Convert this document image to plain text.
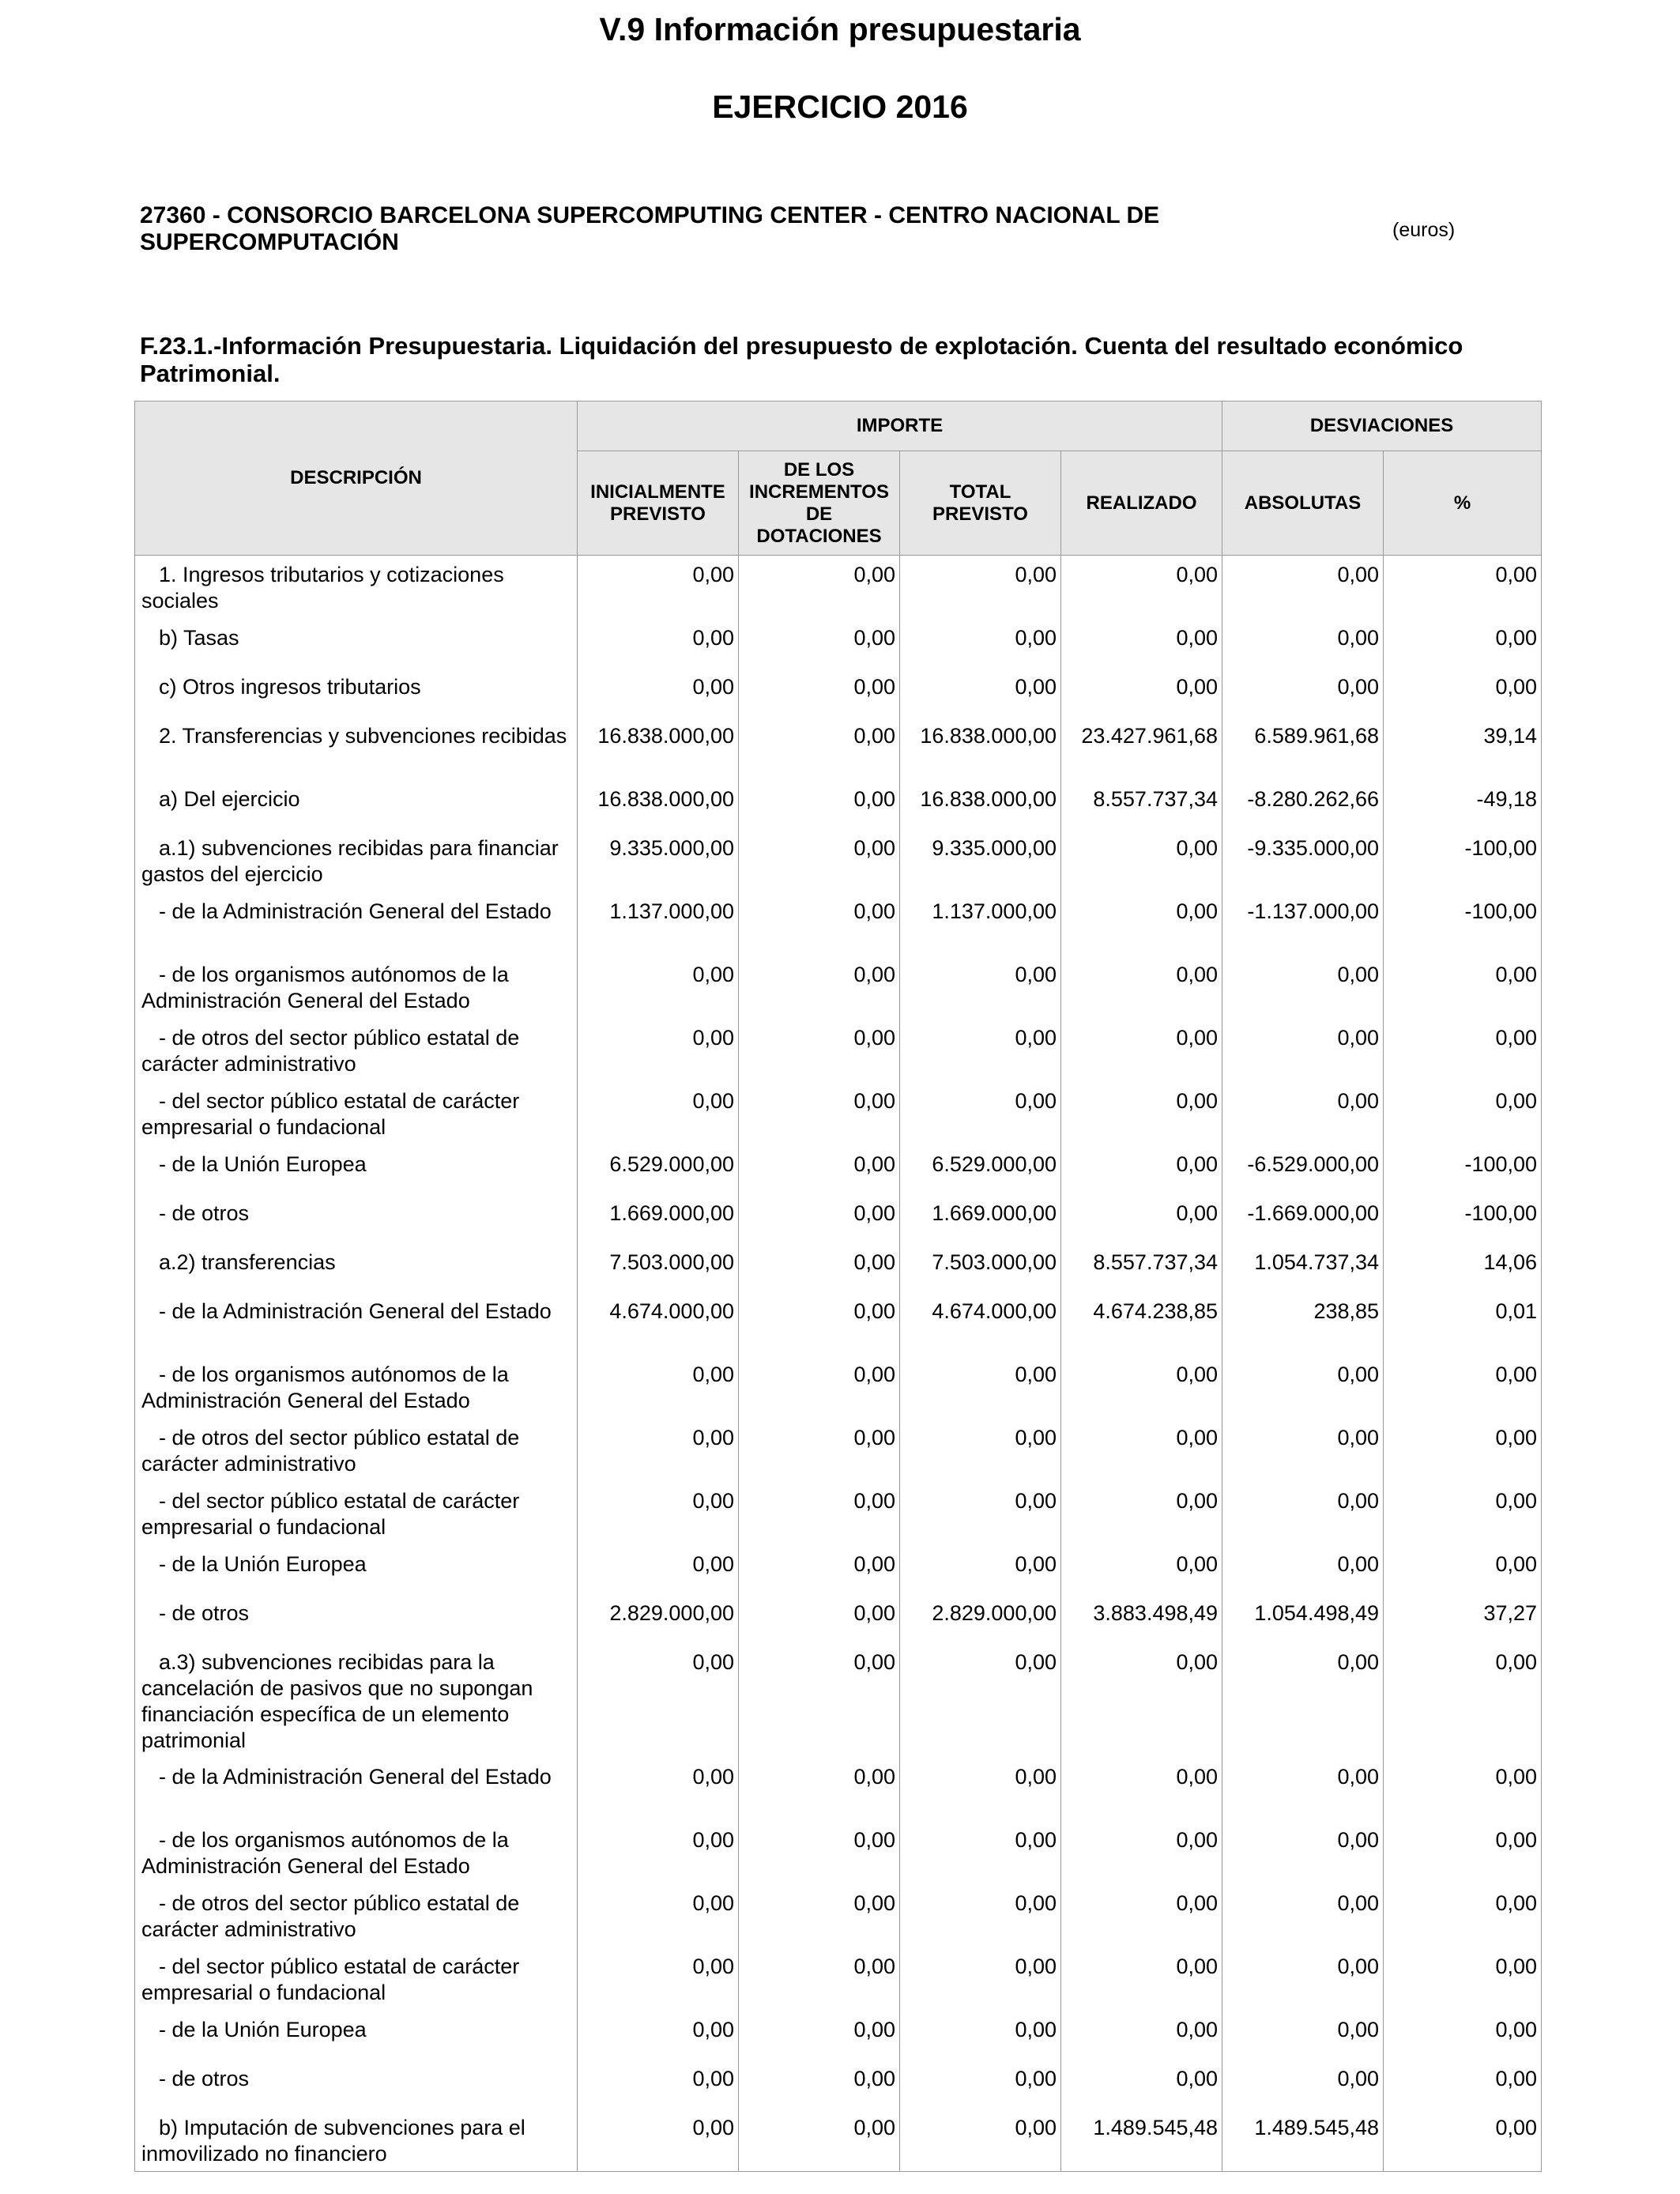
V.9 Información presupuestaria
EJERCICIO 2016
27360 - CONSORCIO BARCELONA SUPERCOMPUTING CENTER - CENTRO NACIONAL DE SUPERCOMPUTACIÓN	(euros)
F.23.1.-Información Presupuestaria. Liquidación del presupuesto de explotación. Cuenta del resultado económico Patrimonial.
DESCRIPCIÓN	IMPORTE				DESVIACIONES	
	INICIALMENTE PREVISTO	DE LOS INCREMENTOS DE DOTACIONES	TOTAL PREVISTO	REALIZADO	ABSOLUTAS	%
1. Ingresos tributarios y cotizaciones sociales	0,00	0,00	0,00	0,00	0,00	0,00
b) Tasas	0,00	0,00	0,00	0,00	0,00	0,00
c) Otros ingresos tributarios	0,00	0,00	0,00	0,00	0,00	0,00
2. Transferencias y subvenciones recibidas	16.838.000,00	0,00	16.838.000,00	23.427.961,68	6.589.961,68	39,14
a) Del ejercicio	16.838.000,00	0,00	16.838.000,00	8.557.737,34	-8.280.262,66	-49,18
a.1) subvenciones recibidas para financiar gastos del ejercicio	9.335.000,00	0,00	9.335.000,00	0,00	-9.335.000,00	-100,00
- de la Administración General del Estado	1.137.000,00	0,00	1.137.000,00	0,00	-1.137.000,00	-100,00
- de los organismos autónomos de la Administración General del Estado	0,00	0,00	0,00	0,00	0,00	0,00
- de otros del sector público estatal de carácter administrativo	0,00	0,00	0,00	0,00	0,00	0,00
- del sector público estatal de carácter empresarial o fundacional	0,00	0,00	0,00	0,00	0,00	0,00
- de la Unión Europea	6.529.000,00	0,00	6.529.000,00	0,00	-6.529.000,00	-100,00
- de otros	1.669.000,00	0,00	1.669.000,00	0,00	-1.669.000,00	-100,00
a.2) transferencias	7.503.000,00	0,00	7.503.000,00	8.557.737,34	1.054.737,34	14,06
- de la Administración General del Estado	4.674.000,00	0,00	4.674.000,00	4.674.238,85	238,85	0,01
- de los organismos autónomos de la Administración General del Estado	0,00	0,00	0,00	0,00	0,00	0,00
- de otros del sector público estatal de carácter administrativo	0,00	0,00	0,00	0,00	0,00	0,00
- del sector público estatal de carácter empresarial o fundacional	0,00	0,00	0,00	0,00	0,00	0,00
- de la Unión Europea	0,00	0,00	0,00	0,00	0,00	0,00
- de otros	2.829.000,00	0,00	2.829.000,00	3.883.498,49	1.054.498,49	37,27
a.3) subvenciones recibidas para la cancelación de pasivos que no supongan financiación específica de un elemento patrimonial	0,00	0,00	0,00	0,00	0,00	0,00
- de la Administración General del Estado	0,00	0,00	0,00	0,00	0,00	0,00
- de los organismos autónomos de la Administración General del Estado	0,00	0,00	0,00	0,00	0,00	0,00
- de otros del sector público estatal de carácter administrativo	0,00	0,00	0,00	0,00	0,00	0,00
- del sector público estatal de carácter empresarial o fundacional	0,00	0,00	0,00	0,00	0,00	0,00
- de la Unión Europea	0,00	0,00	0,00	0,00	0,00	0,00
- de otros	0,00	0,00	0,00	0,00	0,00	0,00
b) Imputación de subvenciones para el inmovilizado no financiero	0,00	0,00	0,00	1.489.545,48	1.489.545,48	0,00
